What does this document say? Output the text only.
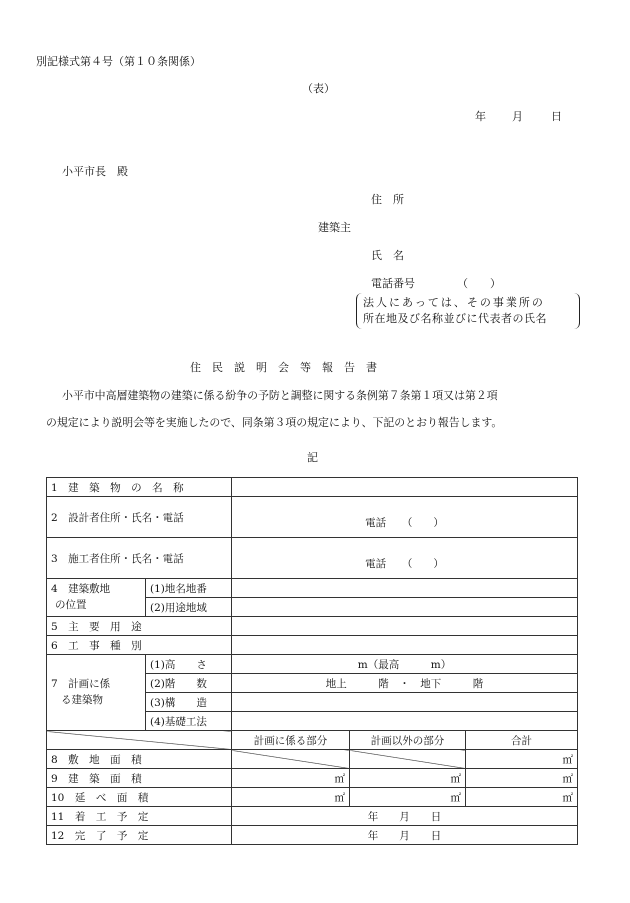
別記様式第４号（第１０条関係）
（表）
年 月	日
小平市長　殿
住　所
建築主
氏　名
電話番号	（　　）
法人にあっては、その事業所の
所在地及び名称並びに代表者の氏名
住　民　説　明　会　等　報　告　書
小平市中高層建築物の建築に係る紛争の予防と調整に関する条例第７条第１項又は第２項
の規定により説明会等を実施したので、同条第３項の規定により、下記のとおり報告します。
記
1　建　築　物　の　名　称				
2　設計者住所・氏名・電話		電話　　（　　）		
3　施工者住所・氏名・電話		電話　　（　　）		

4　建築敷地
の位置	(1)地名地番			
	(2)用途地域			
5　主　要　用　途				
6　工　事　種　別				

7　計画に係
る建築物	(1)高　　さ	m（最高　　　m）		
	(2)階　　数	地上　　　階　・　地下　　　階		
	(3)構　　造			
	(4)基礎工法			
		計画に係る部分	計画以外の部分	合計
8　敷　地　面　積				㎡
9　建　築　面　積		㎡	㎡	㎡
10　延　べ　面　積		㎡	㎡	㎡
11　着　工　予　定		年　　月　　日		
12　完　了　予　定		年　　月　　日		
